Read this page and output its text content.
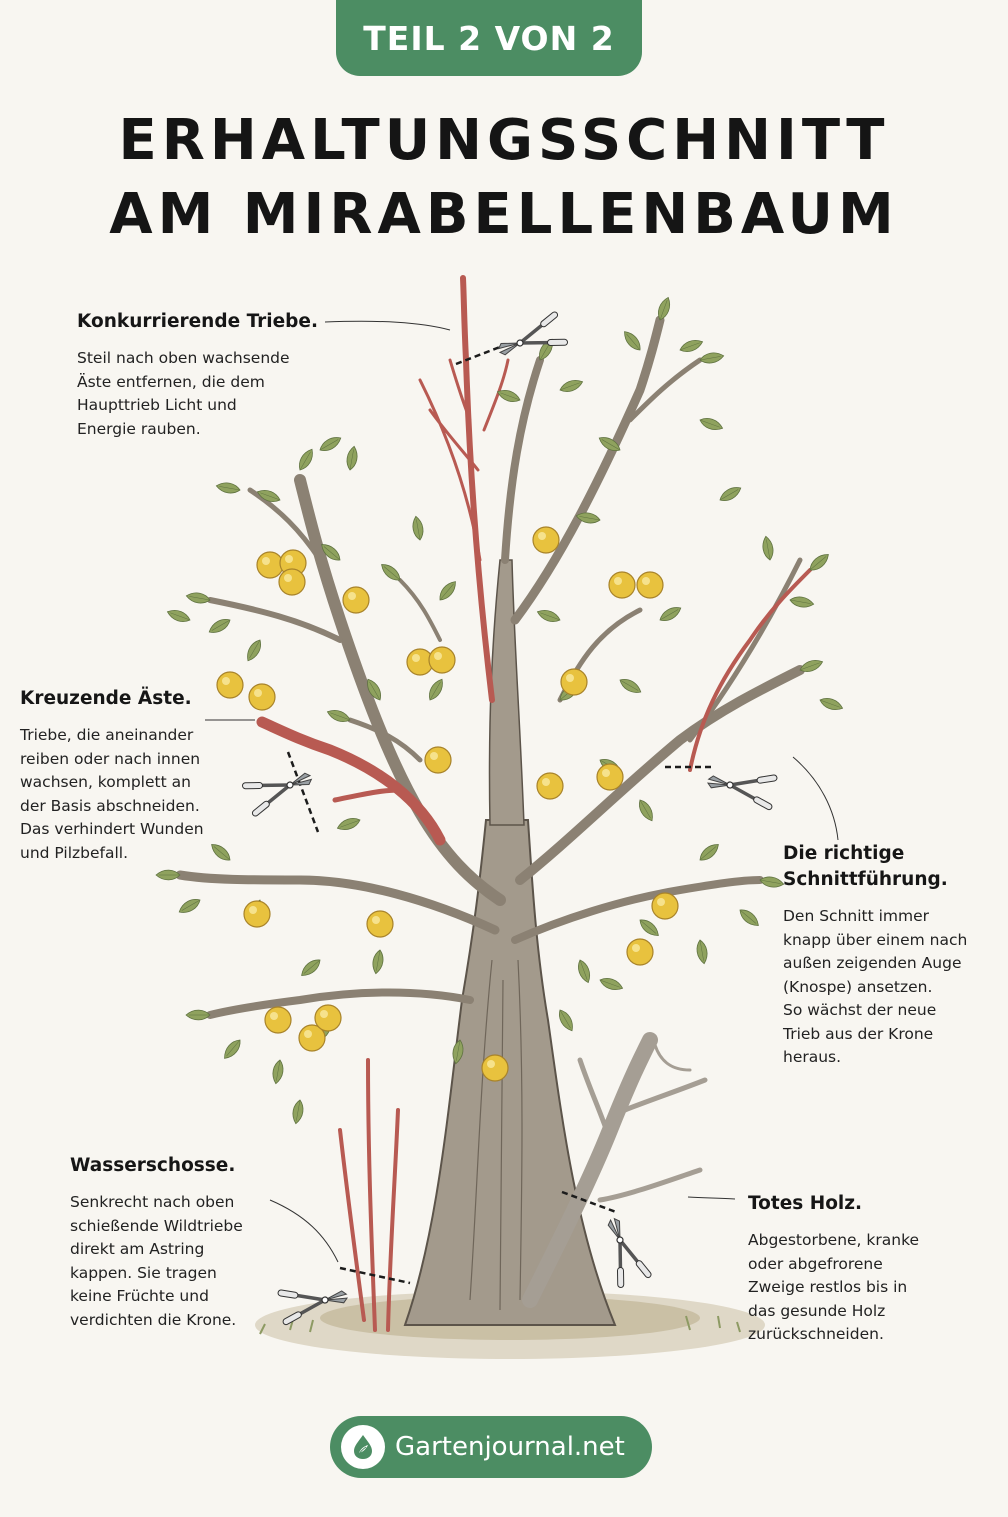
TEIL 2 VON 2
ERHALTUNGSSCHNITT
AM MIRABELLENBAUM
Konkurrierende Triebe.

Steil nach oben wachsende
Äste entfernen, die dem
Haupttrieb Licht und
Energie rauben.

Kreuzende Äste.

Triebe, die aneinander
reiben oder nach innen
wachsen, komplett an
der Basis abschneiden.
Das verhindert Wunden
und Pilzbefall.	Die richtige
Schnittführung.

Den Schnitt immer
knapp über einem nach
außen zeigenden Auge
(Knospe) ansetzen.
So wächst der neue
Trieb aus der Krone
heraus.

Wasserschosse.

Senkrecht nach oben
schießende Wildtriebe
direkt am Astring
kappen. Sie tragen
keine Früchte und
verdichten die Krone.

Totes Holz.

Abgestorbene, kranke
oder abgefrorene
Zweige restlos bis in
das gesunde Holz
zurückschneiden.

Gartenjournal.net
